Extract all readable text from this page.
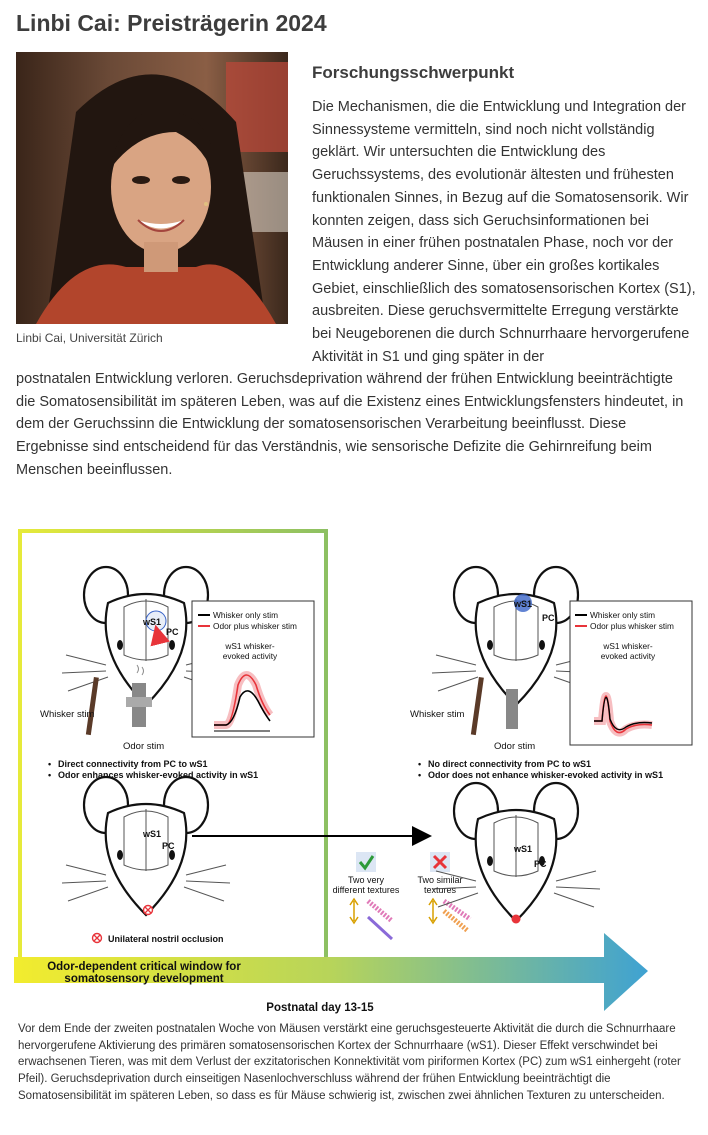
Linbi Cai: Preisträgerin 2024
Linbi Cai, Universität Zürich
Forschungsschwerpunkt

Die Mechanismen, die die Entwicklung und Integration der Sinnessysteme vermitteln, sind noch nicht vollständig geklärt. Wir untersuchten die Entwicklung des Geruchssystems, des evolutionär ältesten und frühesten funktionalen Sinnes, in Bezug auf die Somatosensorik. Wir konnten zeigen, dass sich Geruchsinformationen bei Mäusen in einer frühen postnatalen Phase, noch vor der Entwicklung anderer Sinne, über ein großes kortikales Gebiet, einschließlich des somatosensorischen Kortex (S1), ausbreiten. Diese geruchsvermittelte Erregung verstärkte bei Neugeborenen die durch Schnurrhaare hervorgerufene Aktivität in S1 und ging später in der

postnatalen Entwicklung verloren. Geruchsdeprivation während der frühen Entwicklung beeinträchtigte die Somatosensibilität im späteren Leben, was auf die Existenz eines Entwicklungsfensters hindeutet, in dem der Geruchssinn die Entwicklung der somatosensorischen Verarbeitung beeinflusst. Diese Ergebnisse sind entscheidend für das Verständnis, wie sensorische Defizite die Gehirnreifung beim Menschen beeinflussen.

wS1
PC
Whisker stim
Odor stim
Whisker only stim
Odor plus whisker stim
wS1 whisker-
evoked activity
• Direct connectivity from PC to wS1
• Odor enhances whisker-evoked activity in wS1
wS1
PC
Whisker stim
Odor stim
Whisker only stim
Odor plus whisker stim
wS1 whisker-
evoked activity
• No direct connectivity from PC to wS1
• Odor does not enhance whisker-evoked activity in wS1
wS1
PC
Unilateral nostril occlusion
Two very
different textures
Two similar
textures
wS1
PC
Odor-dependent critical window for
somatosensory development
Postnatal day 13-15

Vor dem Ende der zweiten postnatalen Woche von Mäusen verstärkt eine geruchsgesteuerte Aktivität die durch die Schnurrhaare hervorgerufene Aktivierung des primären somatosensorischen Kortex der Schnurrhaare (wS1). Dieser Effekt verschwindet bei erwachsenen Tieren, was mit dem Verlust der exzitatorischen Konnektivität vom piriformen Kortex (PC) zum wS1 einhergeht (roter Pfeil). Geruchsdeprivation durch einseitigen Nasenlochverschluss während der frühen Entwicklung beeinträchtigt die Somatosensibilität im späteren Leben, so dass es für Mäuse schwierig ist, zwischen zwei ähnlichen Texturen zu unterscheiden.
